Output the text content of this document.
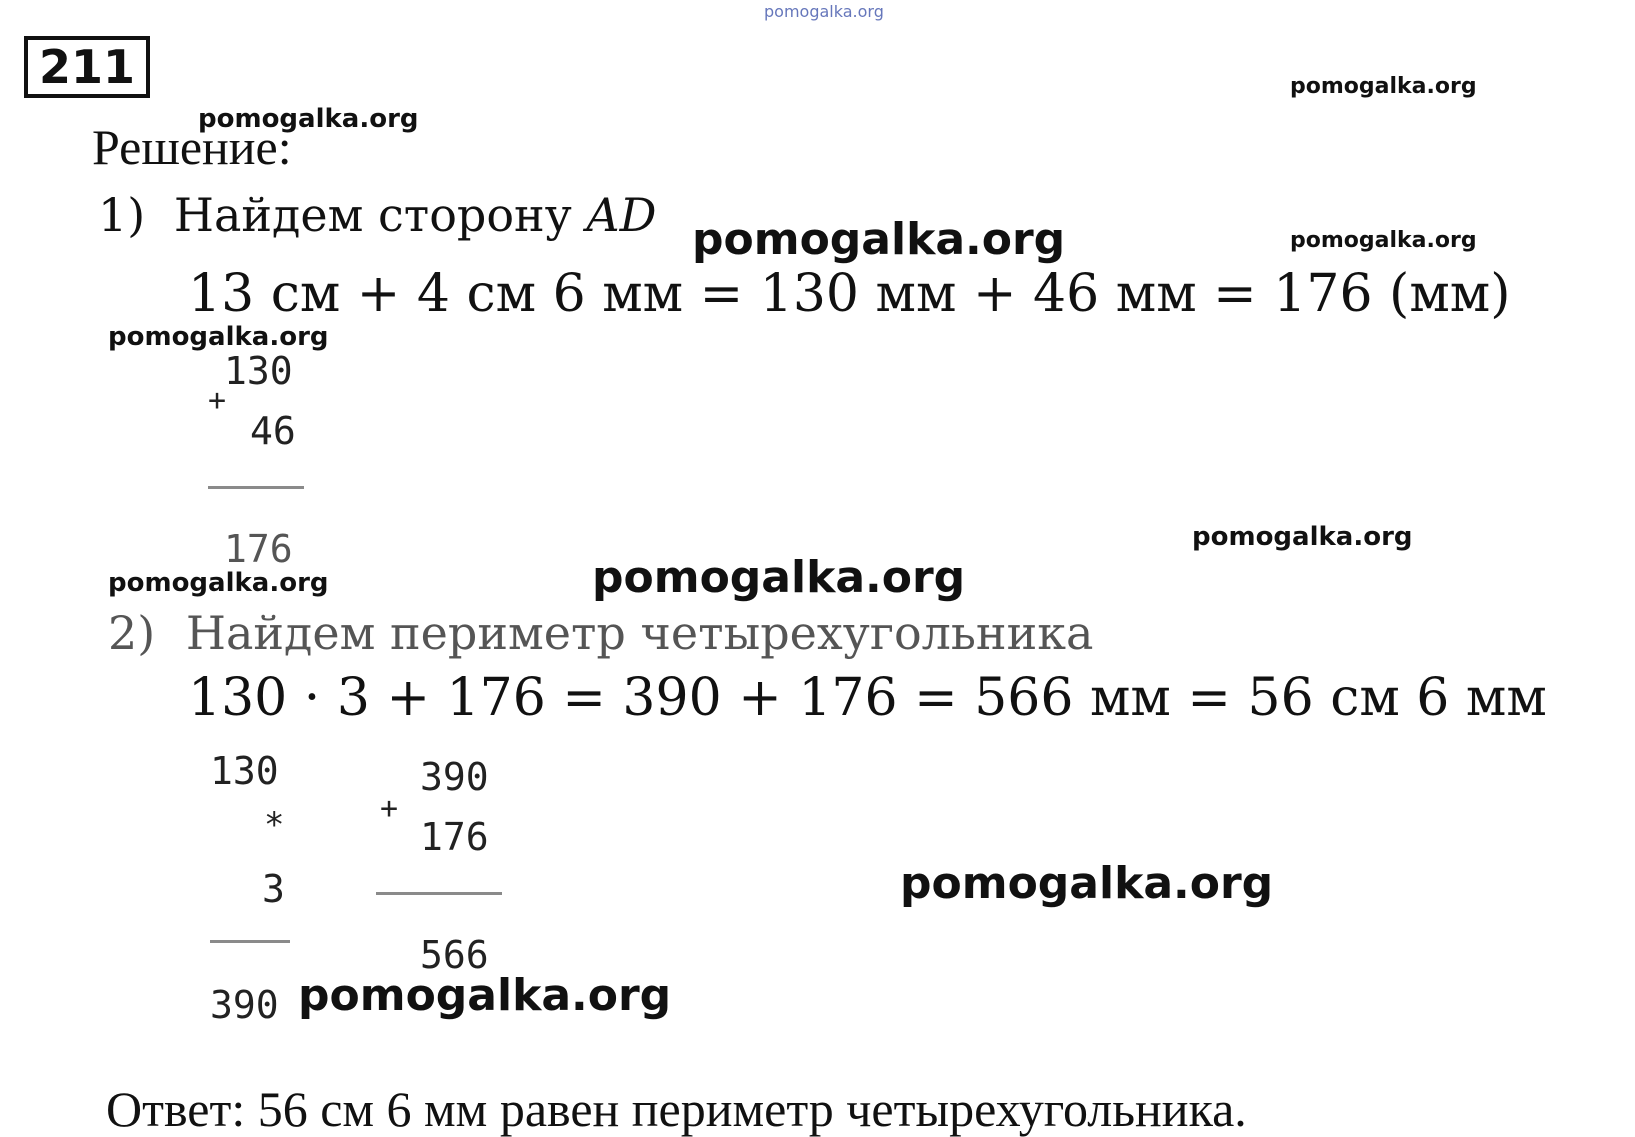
pomogalka.org
211	pomogalka.org
pomogalka.org
pomogalka.org
pomogalka.org
pomogalka.org
pomogalka.org
Решение:
1) Найдем сторону AD pomogalka.org
13 см + 4 см 6 мм = 130 мм + 46 мм = 176 (мм)
130
+
46
176
pomogalka.org
2) Найдем периметр четырехугольника
130 · 3 + 176 = 390 + 176 = 566 мм = 56 см 6 мм
130
*
3
390
390
+
176
566
pomogalka.org
pomogalka.org
Ответ: 56 см 6 мм равен периметр четырехугольника.
